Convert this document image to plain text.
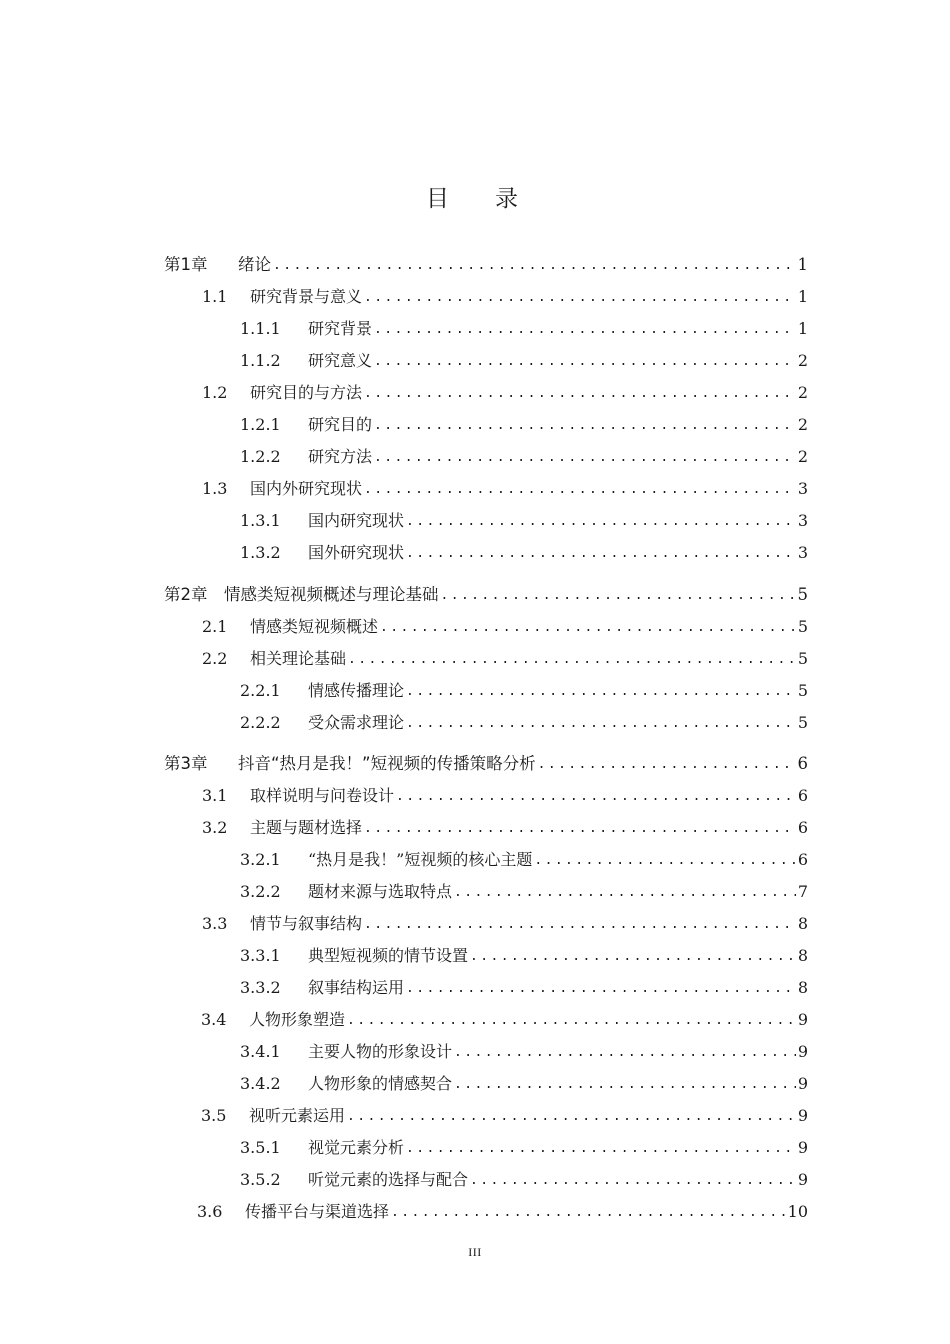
目录
第1章	绪论 .....	1
1.1	研究背景与意义 .....	1
1.1.1	研究背景 .....	1
1.1.2	研究意义 .....	2
1.2	研究目的与方法 .....	2
1.2.1	研究目的 .....	2
1.2.2	研究方法 .....	2
1.3	国内外研究现状 .....	3
1.3.1	国内研究现状 .....	3
1.3.2	国外研究现状 .....	3
第2章	情感类短视频概述与理论基础 .....	5
2.1	情感类短视频概述 .....	5
2.2	相关理论基础 .....	5
2.2.1	情感传播理论 .....	5
2.2.2	受众需求理论 .....	5
第3章	抖音“热月是我！”短视频的传播策略分析 .....	6
3.1	取样说明与问卷设计 .....	6
3.2	主题与题材选择 .....	6
3.2.1	“热月是我！”短视频的核心主题 .....	6
3.2.2	题材来源与选取特点 .....	7
3.3	情节与叙事结构 .....	8
3.3.1	典型短视频的情节设置 .....	8
3.3.2	叙事结构运用 .....	8
3.4	人物形象塑造 .....	9
3.4.1	主要人物的形象设计 .....	9
3.4.2	人物形象的情感契合 .....	9
3.5	视听元素运用 .....	9
3.5.1	视觉元素分析 .....	9
3.5.2	听觉元素的选择与配合 .....	9
3.6	传播平台与渠道选择 .....	10
III
